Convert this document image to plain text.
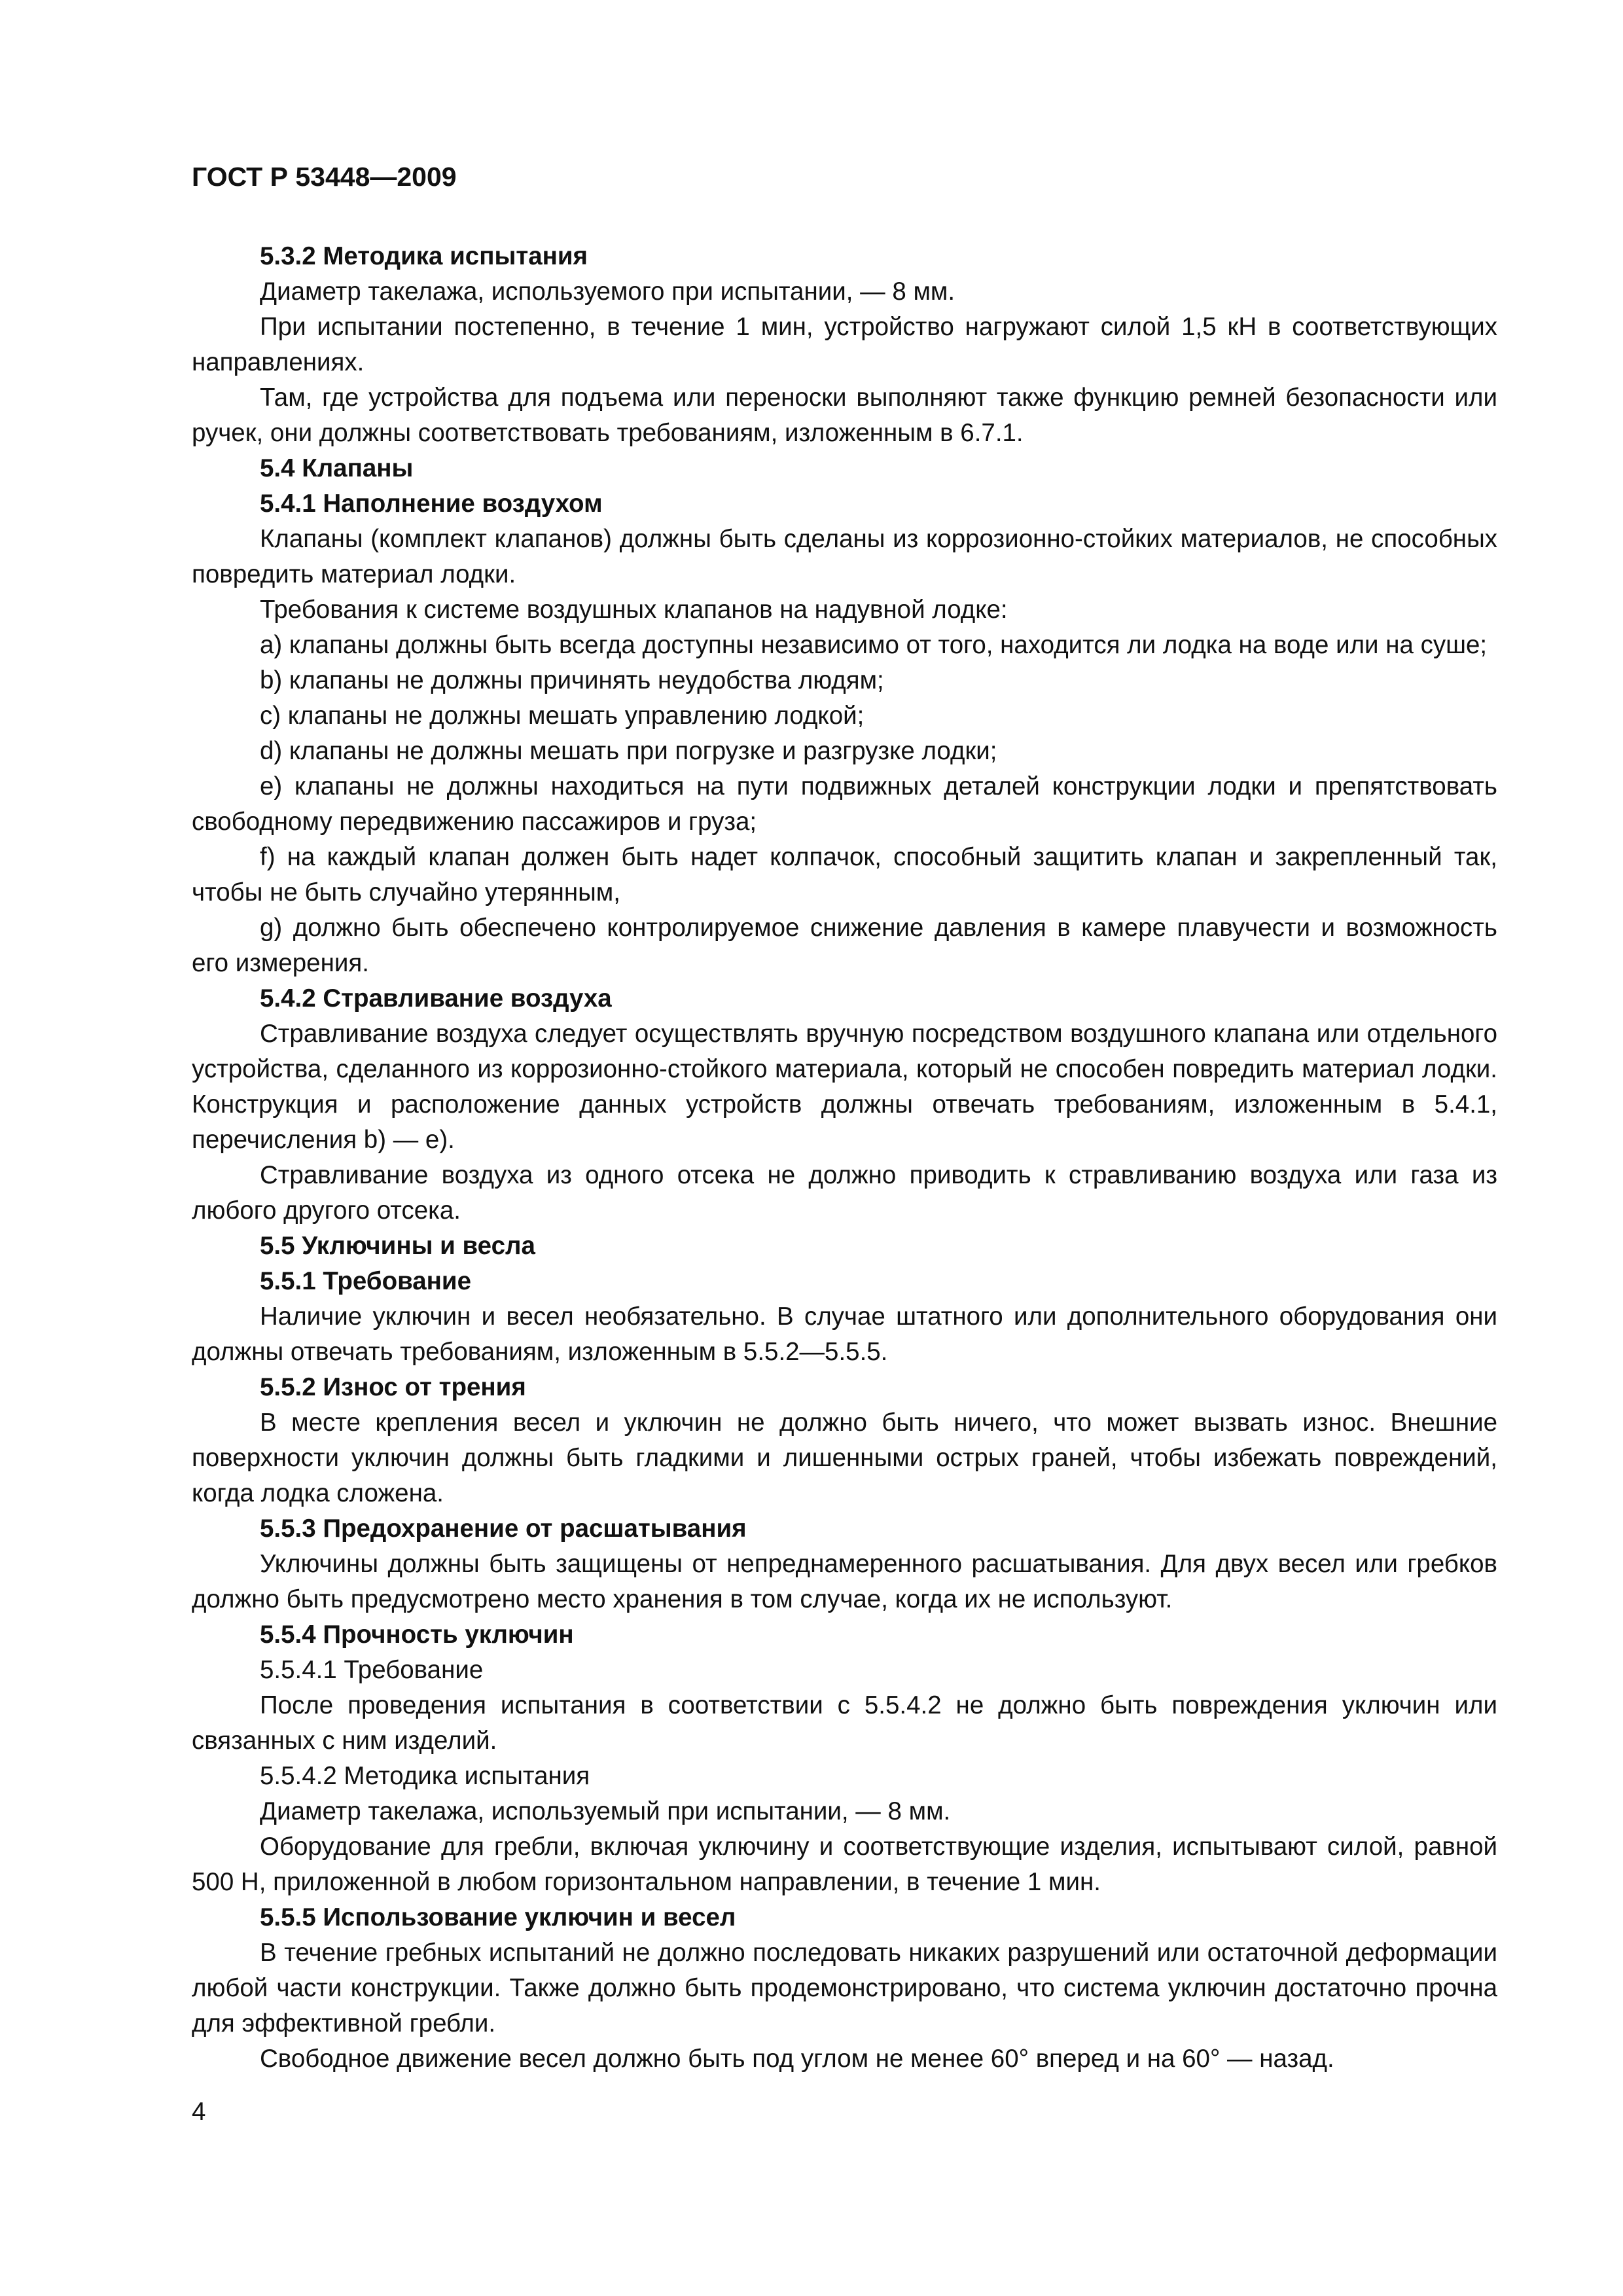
ГОСТ Р 53448—2009
5.3.2 Методика испытания
Диаметр такелажа, используемого при испытании, — 8 мм.
При испытании постепенно, в течение 1 мин, устройство нагружают силой 1,5 кН в соответствующих направлениях.
Там, где устройства для подъема или переноски выполняют также функцию ремней безопасности или ручек, они должны соответствовать требованиям, изложенным в 6.7.1.
5.4 Клапаны
5.4.1 Наполнение воздухом
Клапаны (комплект клапанов) должны быть сделаны из коррозионно-стойких материалов, не способных повредить материал лодки.
Требования к системе воздушных клапанов на надувной лодке:
a) клапаны должны быть всегда доступны независимо от того, находится ли лодка на воде или на суше;
b) клапаны не должны причинять неудобства людям;
c) клапаны не должны мешать управлению лодкой;
d) клапаны не должны мешать при погрузке и разгрузке лодки;
e) клапаны не должны находиться на пути подвижных деталей конструкции лодки и препятствовать свободному передвижению пассажиров и груза;
f) на каждый клапан должен быть надет колпачок, способный защитить клапан и закрепленный так, чтобы не быть случайно утерянным,
g) должно быть обеспечено контролируемое снижение давления в камере плавучести и возможность его измерения.
5.4.2 Стравливание воздуха
Стравливание воздуха следует осуществлять вручную посредством воздушного клапана или отдельного устройства, сделанного из коррозионно-стойкого материала, который не способен повредить материал лодки. Конструкция и расположение данных устройств должны отвечать требованиям, изложенным в 5.4.1, перечисления b) — e).
Стравливание воздуха из одного отсека не должно приводить к стравливанию воздуха или газа из любого другого отсека.
5.5 Уключины и весла
5.5.1 Требование
Наличие уключин и весел необязательно. В случае штатного или дополнительного оборудования они должны отвечать требованиям, изложенным в 5.5.2—5.5.5.
5.5.2 Износ от трения
В месте крепления весел и уключин не должно быть ничего, что может вызвать износ. Внешние поверхности уключин должны быть гладкими и лишенными острых граней, чтобы избежать повреждений, когда лодка сложена.
5.5.3 Предохранение от расшатывания
Уключины должны быть защищены от непреднамеренного расшатывания. Для двух весел или гребков должно быть предусмотрено место хранения в том случае, когда их не используют.
5.5.4 Прочность уключин
5.5.4.1 Требование
После проведения испытания в соответствии с 5.5.4.2 не должно быть повреждения уключин или связанных с ним изделий.
5.5.4.2 Методика испытания
Диаметр такелажа, используемый при испытании, — 8 мм.
Оборудование для гребли, включая уключину и соответствующие изделия, испытывают силой, равной 500 Н, приложенной в любом горизонтальном направлении, в течение 1 мин.
5.5.5 Использование уключин и весел
В течение гребных испытаний не должно последовать никаких разрушений или остаточной деформации любой части конструкции. Также должно быть продемонстрировано, что система уключин достаточно прочна для эффективной гребли.
Свободное движение весел должно быть под углом не менее 60° вперед и на 60° — назад.
4
